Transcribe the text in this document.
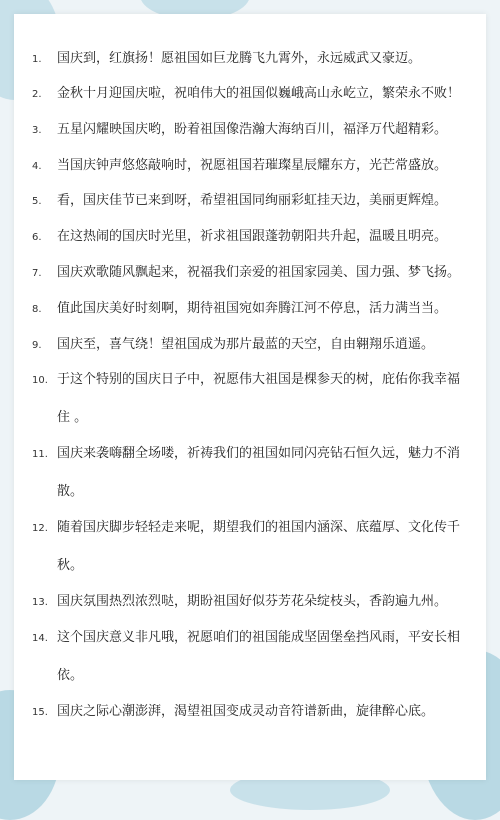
1.	国庆到，红旗扬！愿祖国如巨龙腾飞九霄外，永远威武又豪迈。
2.	金秋十月迎国庆啦，祝咱伟大的祖国似巍峨高山永屹立，繁荣永不败！
3.	五星闪耀映国庆哟，盼着祖国像浩瀚大海纳百川，福泽万代超精彩。
4.	当国庆钟声悠悠敲响时，祝愿祖国若璀璨星辰耀东方，光芒常盛放。
5.	看，国庆佳节已来到呀，希望祖国同绚丽彩虹挂天边，美丽更辉煌。
6.	在这热闹的国庆时光里，祈求祖国跟蓬勃朝阳共升起，温暖且明亮。
7.	国庆欢歌随风飘起来，祝福我们亲爱的祖国家园美、国力强、梦飞扬。
8.	值此国庆美好时刻啊，期待祖国宛如奔腾江河不停息，活力满当当。
9.	国庆至，喜气绕！望祖国成为那片最蓝的天空，自由翱翔乐逍遥。
10. 于这个特别的国庆日子中，祝愿伟大祖国是棵参天的树，庇佑你我幸福
住 。
11. 国庆来袭嗨翻全场喽，祈祷我们的祖国如同闪亮钻石恒久远，魅力不消
散。
12. 随着国庆脚步轻轻走来呢，期望我们的祖国内涵深、底蕴厚、文化传千
秋。
13. 国庆氛围热烈浓烈哒，期盼祖国好似芬芳花朵绽枝头，香韵遍九州。
14. 这个国庆意义非凡哦，祝愿咱们的祖国能成坚固堡垒挡风雨，平安长相
依。
15. 国庆之际心潮澎湃，渴望祖国变成灵动音符谱新曲，旋律醉心底。
